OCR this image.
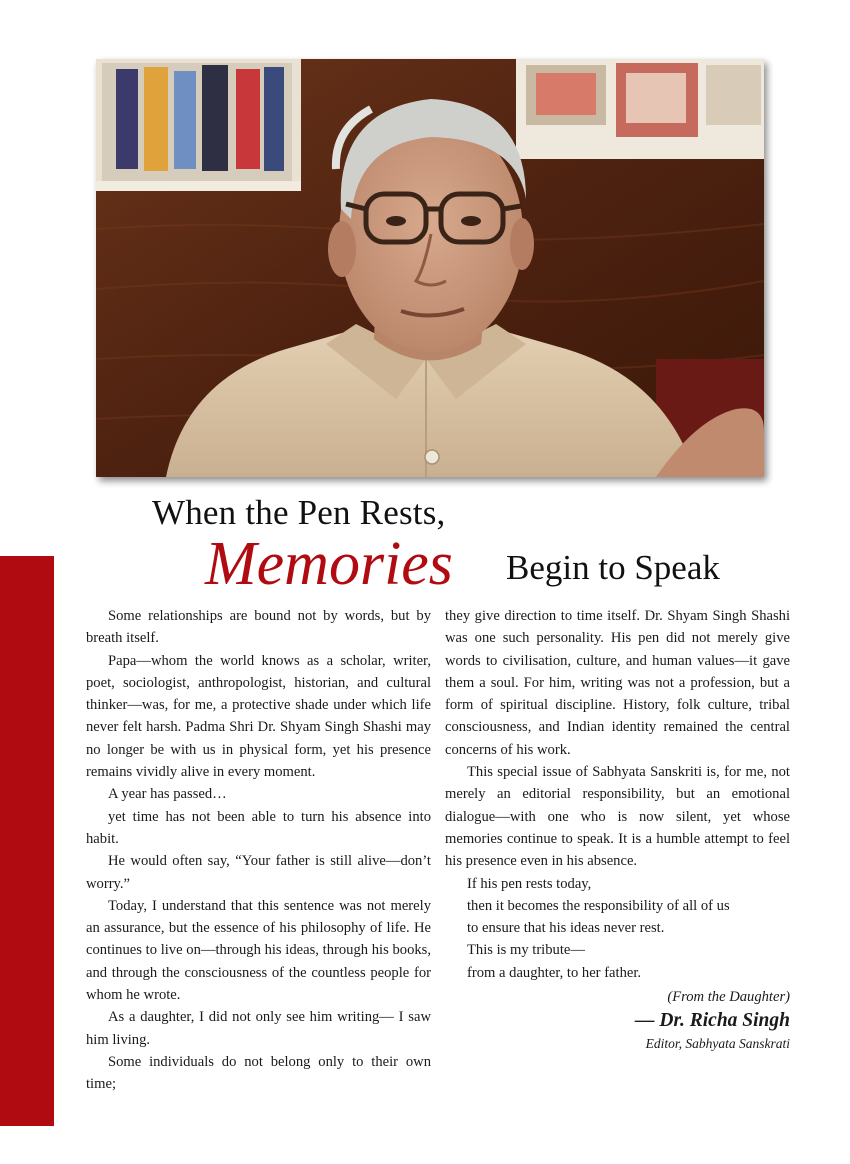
When the Pen Rests,
Memories Begin to Speak

Some relationships are bound not by words, but by breath itself.

Papa—whom the world knows as a scholar, writer, poet, sociologist, anthropologist, historian, and cultural thinker—was, for me, a protective shade under which life never felt harsh. Padma Shri Dr. Shyam Singh Shashi may no longer be with us in physical form, yet his presence remains vividly alive in every moment.

A year has passed…

yet time has not been able to turn his absence into habit.

He would often say, “Your father is still alive—don’t worry.”

Today, I understand that this sentence was not merely an assurance, but the essence of his philosophy of life. He continues to live on—through his ideas, through his books, and through the consciousness of the countless people for whom he wrote.

As a daughter, I did not only see him writing— I saw him living.

Some individuals do not belong only to their own time;

they give direction to time itself. Dr. Shyam Singh Shashi was one such personality. His pen did not merely give words to civilisation, culture, and human values—it gave them a soul. For him, writing was not a profession, but a form of spiritual discipline. History, folk culture, tribal consciousness, and Indian identity remained the central concerns of his work.

This special issue of Sabhyata Sanskriti is, for me, not merely an editorial responsibility, but an emotional dialogue—with one who is now silent, yet whose memories continue to speak. It is a humble attempt to feel his presence even in his absence.

If his pen rests today,

then it becomes the responsibility of all of us

to ensure that his ideas never rest.

This is my tribute—

from a daughter, to her father.

(From the Daughter)
— Dr. Richa Singh
Editor, Sabhyata Sanskrati
